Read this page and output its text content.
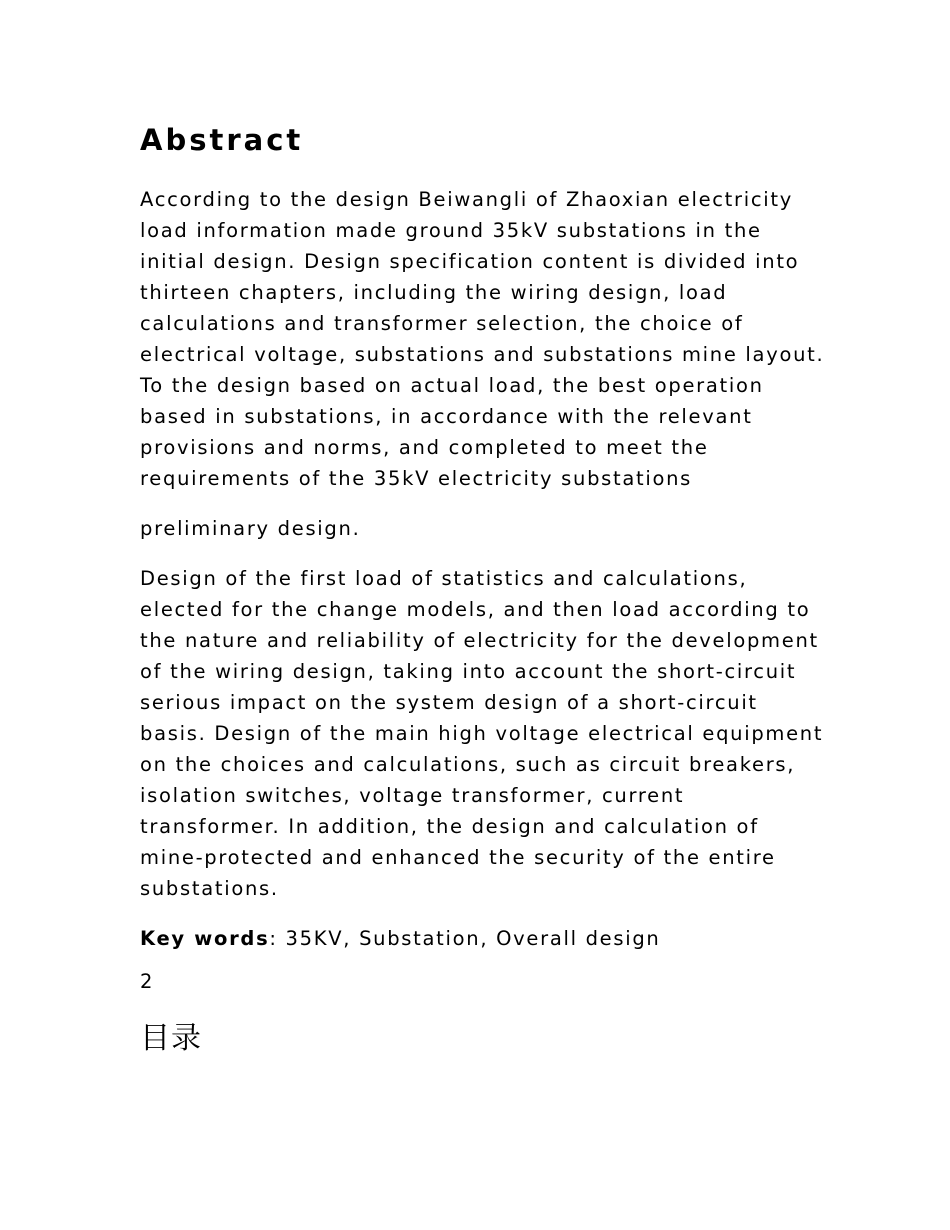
Abstract
According to the design Beiwangli of Zhaoxian electricity
load information made ground 35kV substations in the
initial design. Design specification content is divided into
thirteen chapters, including the wiring design, load
calculations and transformer selection, the choice of
electrical voltage, substations and substations mine layout.
To the design based on actual load, the best operation
based in substations, in accordance with the relevant
provisions and norms, and completed to meet the
requirements of the 35kV electricity substations
preliminary design.
Design of the first load of statistics and calculations,
elected for the change models, and then load according to
the nature and reliability of electricity for the development
of the wiring design, taking into account the short-circuit
serious impact on the system design of a short-circuit
basis. Design of the main high voltage electrical equipment
on the choices and calculations, such as circuit breakers,
isolation switches, voltage transformer, current
transformer. In addition, the design and calculation of
mine-protected and enhanced the security of the entire
substations.
Key words: 35KV, Substation, Overall design
2
目录
